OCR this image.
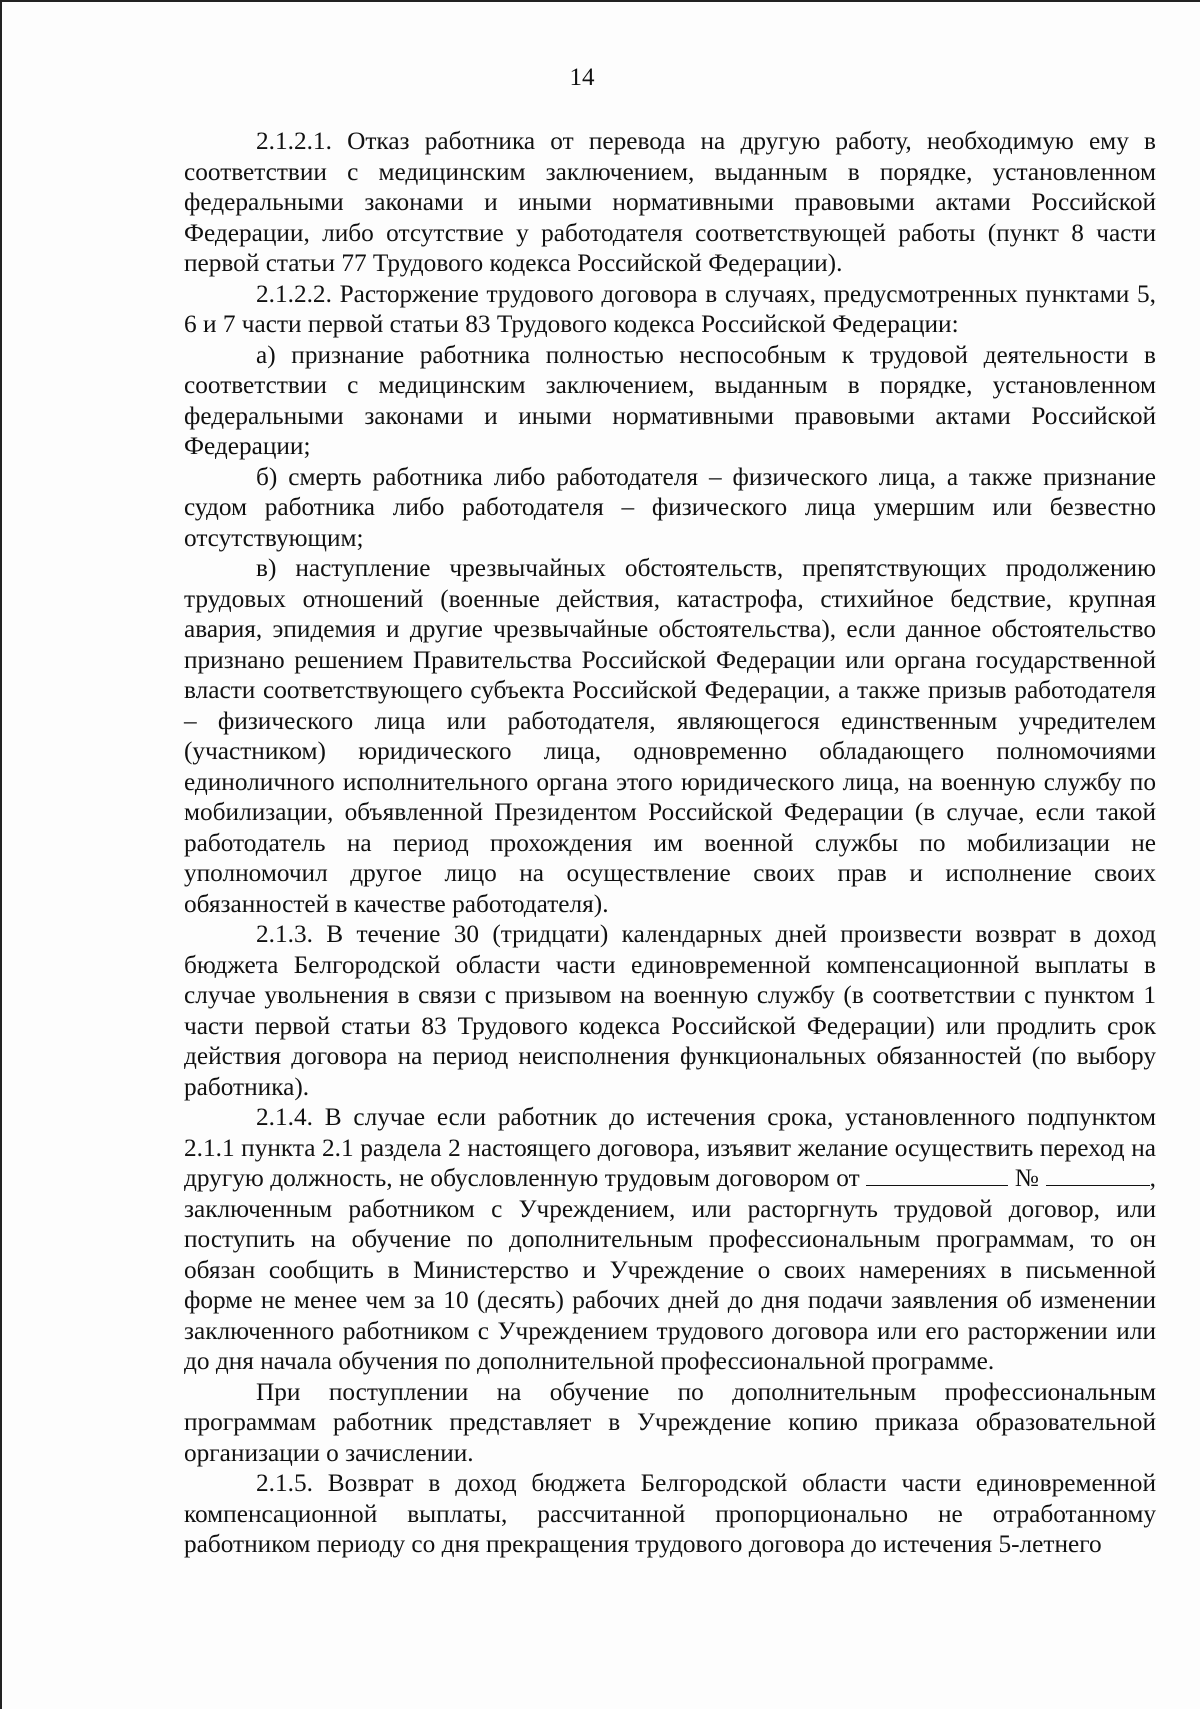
14

2.1.2.1. Отказ работника от перевода на другую работу, необходимую ему в соответствии с медицинским заключением, выданным в порядке, установленном федеральными законами и иными нормативными правовыми актами Российской Федерации, либо отсутствие у работодателя соответствующей работы (пункт 8 части первой статьи 77 Трудового кодекса Российской Федерации).

2.1.2.2. Расторжение трудового договора в случаях, предусмотренных пунктами 5, 6 и 7 части первой статьи 83 Трудового кодекса Российской Федерации:

а) признание работника полностью неспособным к трудовой деятельности в соответствии с медицинским заключением, выданным в порядке, установленном федеральными законами и иными нормативными правовыми актами Российской Федерации;

б) смерть работника либо работодателя – физического лица, а также признание судом работника либо работодателя – физического лица умершим или безвестно отсутствующим;

в) наступление чрезвычайных обстоятельств, препятствующих продолжению трудовых отношений (военные действия, катастрофа, стихийное бедствие, крупная авария, эпидемия и другие чрезвычайные обстоятельства), если данное обстоятельство признано решением Правительства Российской Федерации или органа государственной власти соответствующего субъекта Российской Федерации, а также призыв работодателя – физического лица или работодателя, являющегося единственным учредителем (участником) юридического лица, одновременно обладающего полномочиями единоличного исполнительного органа этого юридического лица, на военную службу по мобилизации, объявленной Президентом Российской Федерации (в случае, если такой работодатель на период прохождения им военной службы по мобилизации не уполномочил другое лицо на осуществление своих прав и исполнение своих обязанностей в качестве работодателя).

2.1.3. В течение 30 (тридцати) календарных дней произвести возврат в доход бюджета Белгородской области части единовременной компенсационной выплаты в случае увольнения в связи с призывом на военную службу (в соответствии с пунктом 1 части первой статьи 83 Трудового кодекса Российской Федерации) или продлить срок действия договора на период неисполнения функциональных обязанностей (по выбору работника).

2.1.4. В случае если работник до истечения срока, установленного подпунктом 2.1.1 пункта 2.1 раздела 2 настоящего договора, изъявит желание осуществить переход на другую должность, не обусловленную трудовым договором от	№	, заключенным работником с Учреждением, или расторгнуть трудовой договор, или поступить на обучение по дополнительным профессиональным программам, то он обязан сообщить в Министерство и Учреждение о своих намерениях в письменной форме не менее чем за 10 (десять) рабочих дней до дня подачи заявления об изменении заключенного работником с Учреждением трудового договора или его расторжении или до дня начала обучения по дополнительной профессиональной программе.

При поступлении на обучение по дополнительным профессиональным программам работник представляет в Учреждение копию приказа образовательной организации о зачислении.

2.1.5. Возврат в доход бюджета Белгородской области части единовременной компенсационной выплаты, рассчитанной пропорционально не отработанному работником периоду со дня прекращения трудового договора до истечения 5-летнего
